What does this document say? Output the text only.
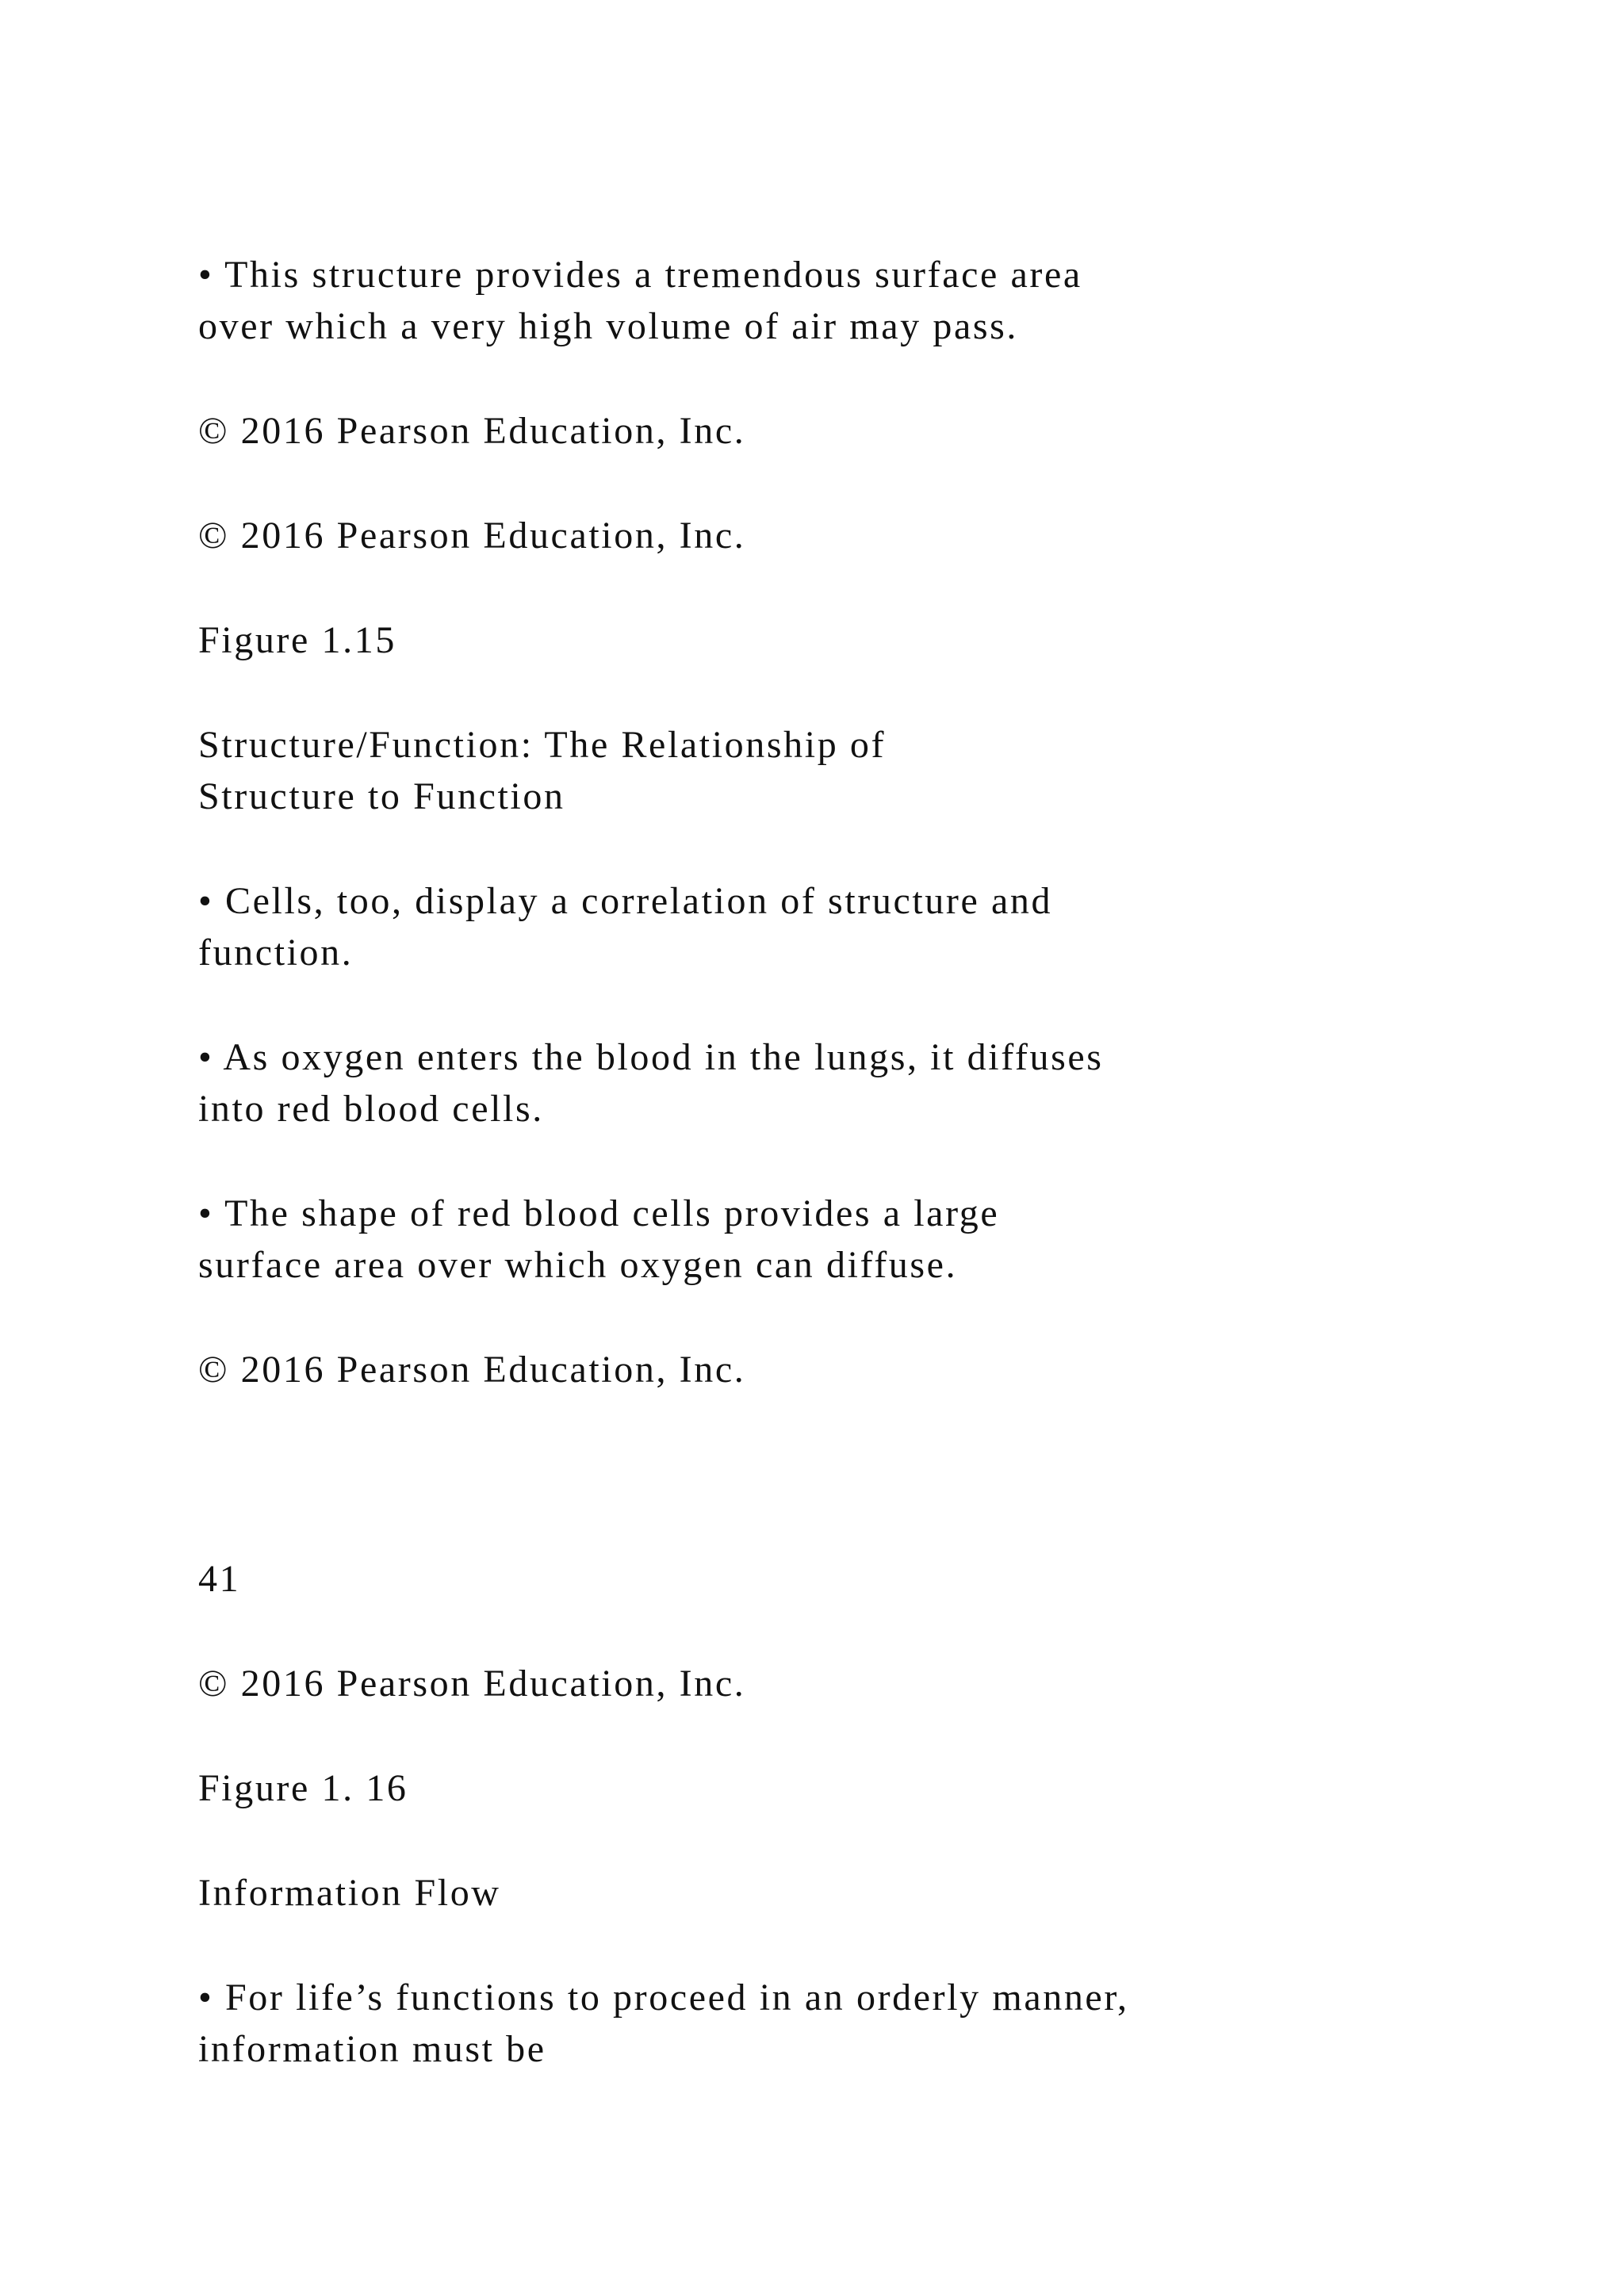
• This structure provides a tremendous surface area

over which a very high volume of air may pass.

© 2016 Pearson Education, Inc.

© 2016 Pearson Education, Inc.

Figure 1.15

Structure/Function: The Relationship of

Structure to Function

• Cells, too, display a correlation of structure and

function.

• As oxygen enters the blood in the lungs, it diffuses

into red blood cells.

• The shape of red blood cells provides a large

surface area over which oxygen can diffuse.

© 2016 Pearson Education, Inc.

41

© 2016 Pearson Education, Inc.

Figure 1. 16

Information Flow

• For life’s functions to proceed in an orderly manner,

information must be
